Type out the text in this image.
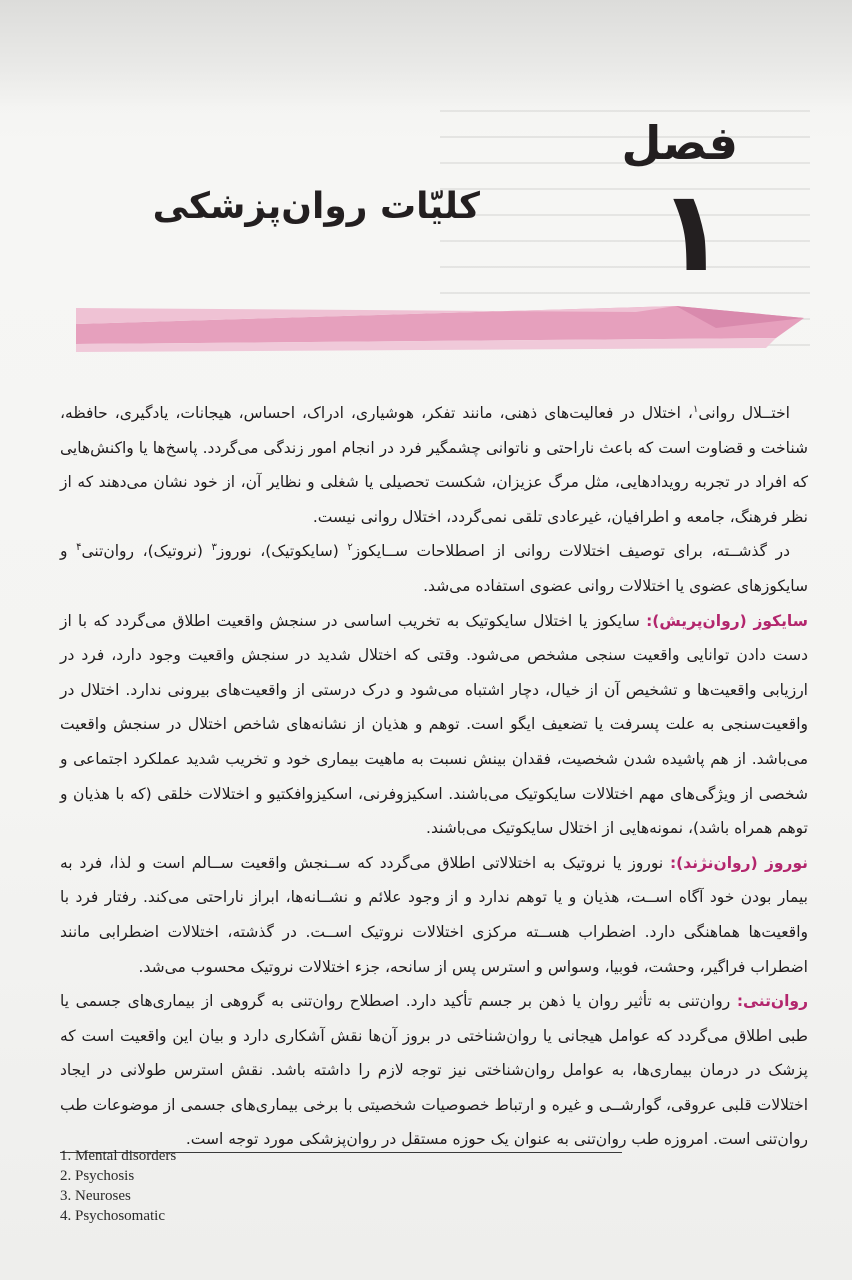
فصل
۱
کلیّات روان‌پزشکی

اختــلال روانی$^۱$، اختلال در فعالیت‌های ذهنی، مانند تفکر، هوشیاری، ادراک، احساس، هیجانات، یادگیری، حافظه، شناخت و قضاوت است که باعث ناراحتی و ناتوانی چشمگیر فرد در انجام امور زندگی می‌گردد. پاسخ‌ها یا واکنش‌هایی که افراد در تجربه رویدادهایی، مثل مرگ عزیزان، شکست تحصیلی یا شغلی و نظایر آن، از خود نشان می‌دهند که از نظر فرهنگ، جامعه و اطرافیان، غیرعادی تلقی نمی‌گردد، اختلال روانی نیست.

در گذشــته، برای توصیف اختلالات روانی از اصطلاحات ســایکوز$^۲$ (سایکوتیک)، نوروز$^۳$ (نروتیک)، روان‌تنی$^۴$ و سایکوزهای عضوی یا اختلالات روانی عضوی استفاده می‌شد.

سایکوز (روان‌پریش): سایکوز یا اختلال سایکوتیک به تخریب اساسی در سنجش واقعیت اطلاق می‌گردد که با از دست دادن توانایی واقعیت سنجی مشخص می‌شود. وقتی که اختلال شدید در سنجش واقعیت وجود دارد، فرد در ارزیابی واقعیت‌ها و تشخیص آن از خیال، دچار اشتباه می‌شود و درک درستی از واقعیت‌های بیرونی ندارد. اختلال در واقعیت‌سنجی به علت پسرفت یا تضعیف ایگو است. توهم و هذیان از نشانه‌های شاخص اختلال در سنجش واقعیت می‌باشد. از هم پاشیده شدن شخصیت، فقدان بینش نسبت به ماهیت بیماری خود و تخریب شدید عملکرد اجتماعی و شخصی از ویژگی‌های مهم اختلالات سایکوتیک می‌باشند. اسکیزوفرنی، اسکیزوافکتیو و اختلالات خلقی (که با هذیان و توهم همراه باشد)، نمونه‌هایی از اختلال سایکوتیک می‌باشند.

نوروز (روان‌نژند): نوروز یا نروتیک به اختلالاتی اطلاق می‌گردد که ســنجش واقعیت ســالم است و لذا، فرد به بیمار بودن خود آگاه اســت، هذیان و یا توهم ندارد و از وجود علائم و نشــانه‌ها، ابراز ناراحتی می‌کند. رفتار فرد با واقعیت‌ها هماهنگی دارد. اضطراب هســته مرکزی اختلالات نروتیک اســت. در گذشته، اختلالات اضطرابی مانند اضطراب فراگیر، وحشت، فوبیا، وسواس و استرس پس از سانحه، جزء اختلالات نروتیک محسوب می‌شد.

روان‌تنی: روان‌تنی به تأثیر روان یا ذهن بر جسم تأکید دارد. اصطلاح روان‌تنی به گروهی از بیماری‌های جسمی یا طبی اطلاق می‌گردد که عوامل هیجانی یا روان‌شناختی در بروز آن‌ها نقش آشکاری دارد و بیان این واقعیت است که پزشک در درمان بیماری‌ها، به عوامل روان‌شناختی نیز توجه لازم را داشته باشد. نقش استرس طولانی در ایجاد اختلالات قلبی عروقی، گوارشــی و غیره و ارتباط خصوصیات شخصیتی با برخی بیماری‌های جسمی از موضوعات طب روان‌تنی است. امروزه طب روان‌تنی به عنوان یک حوزه مستقل در روان‌پزشکی مورد توجه است.

1. Mental disorders
2. Psychosis
3. Neuroses
4. Psychosomatic
